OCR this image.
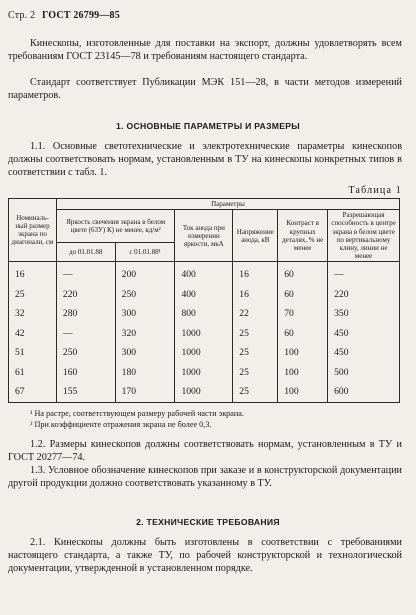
Стр. 2 ГОСТ 26799—85
Кинескопы, изготовленные для поставки на экспорт, должны удовлетворять всем требованиям ГОСТ 23145—78 и требованиям настоящего стандарта.
Стандарт соответствует Публикации МЭК 151—28, в части методов измерений параметров.
1. ОСНОВНЫЕ ПАРАМЕТРЫ И РАЗМЕРЫ
1.1. Основные светотехнические и электротехнические параметры кинескопов должны соответствовать нормам, установленным в ТУ на кинескопы конкретных типов в соответствии с табл. 1.
Таблица 1
Номиналь-ный размер экрана по диагонали, см	Параметры					
	Яркость свечения экрана в белом цвете (63У) К) не менее, кд/м²		Ток анода при измерении яркости, мкА	Напряжение анода, кВ	Контраст в крупных деталях, % не менее	Разрешающая способность в центре экрана в белом цвете по вертикальному клину, линии не менее
	до 01.01.88	с 01.01.88¹				
16	—	200	400	16	60	—
25	220	250	400	16	60	220
32	280	300	800	22	70	350
42	—	320	1000	25	60	450
51	250	300	1000	25	100	450
61	160	180	1000	25	100	500
67	155	170	1000	25	100	600
¹ На растре, соответствующем размеру рабочей части экрана.
² При коэффициенте отражения экрана не более 0,3.
1.2. Размеры кинескопов должны соответствовать нормам, установленным в ТУ и ГОСТ 20277—74.
1.3. Условное обозначение кинескопов при заказе и в конструкторской документации другой продукции должно соответствовать указанному в ТУ.
2. ТЕХНИЧЕСКИЕ ТРЕБОВАНИЯ
2.1. Кинескопы должны быть изготовлены в соответствии с требованиями настоящего стандарта, а также ТУ, по рабочей конструкторской и технологической документации, утвержденной в установленном порядке.
